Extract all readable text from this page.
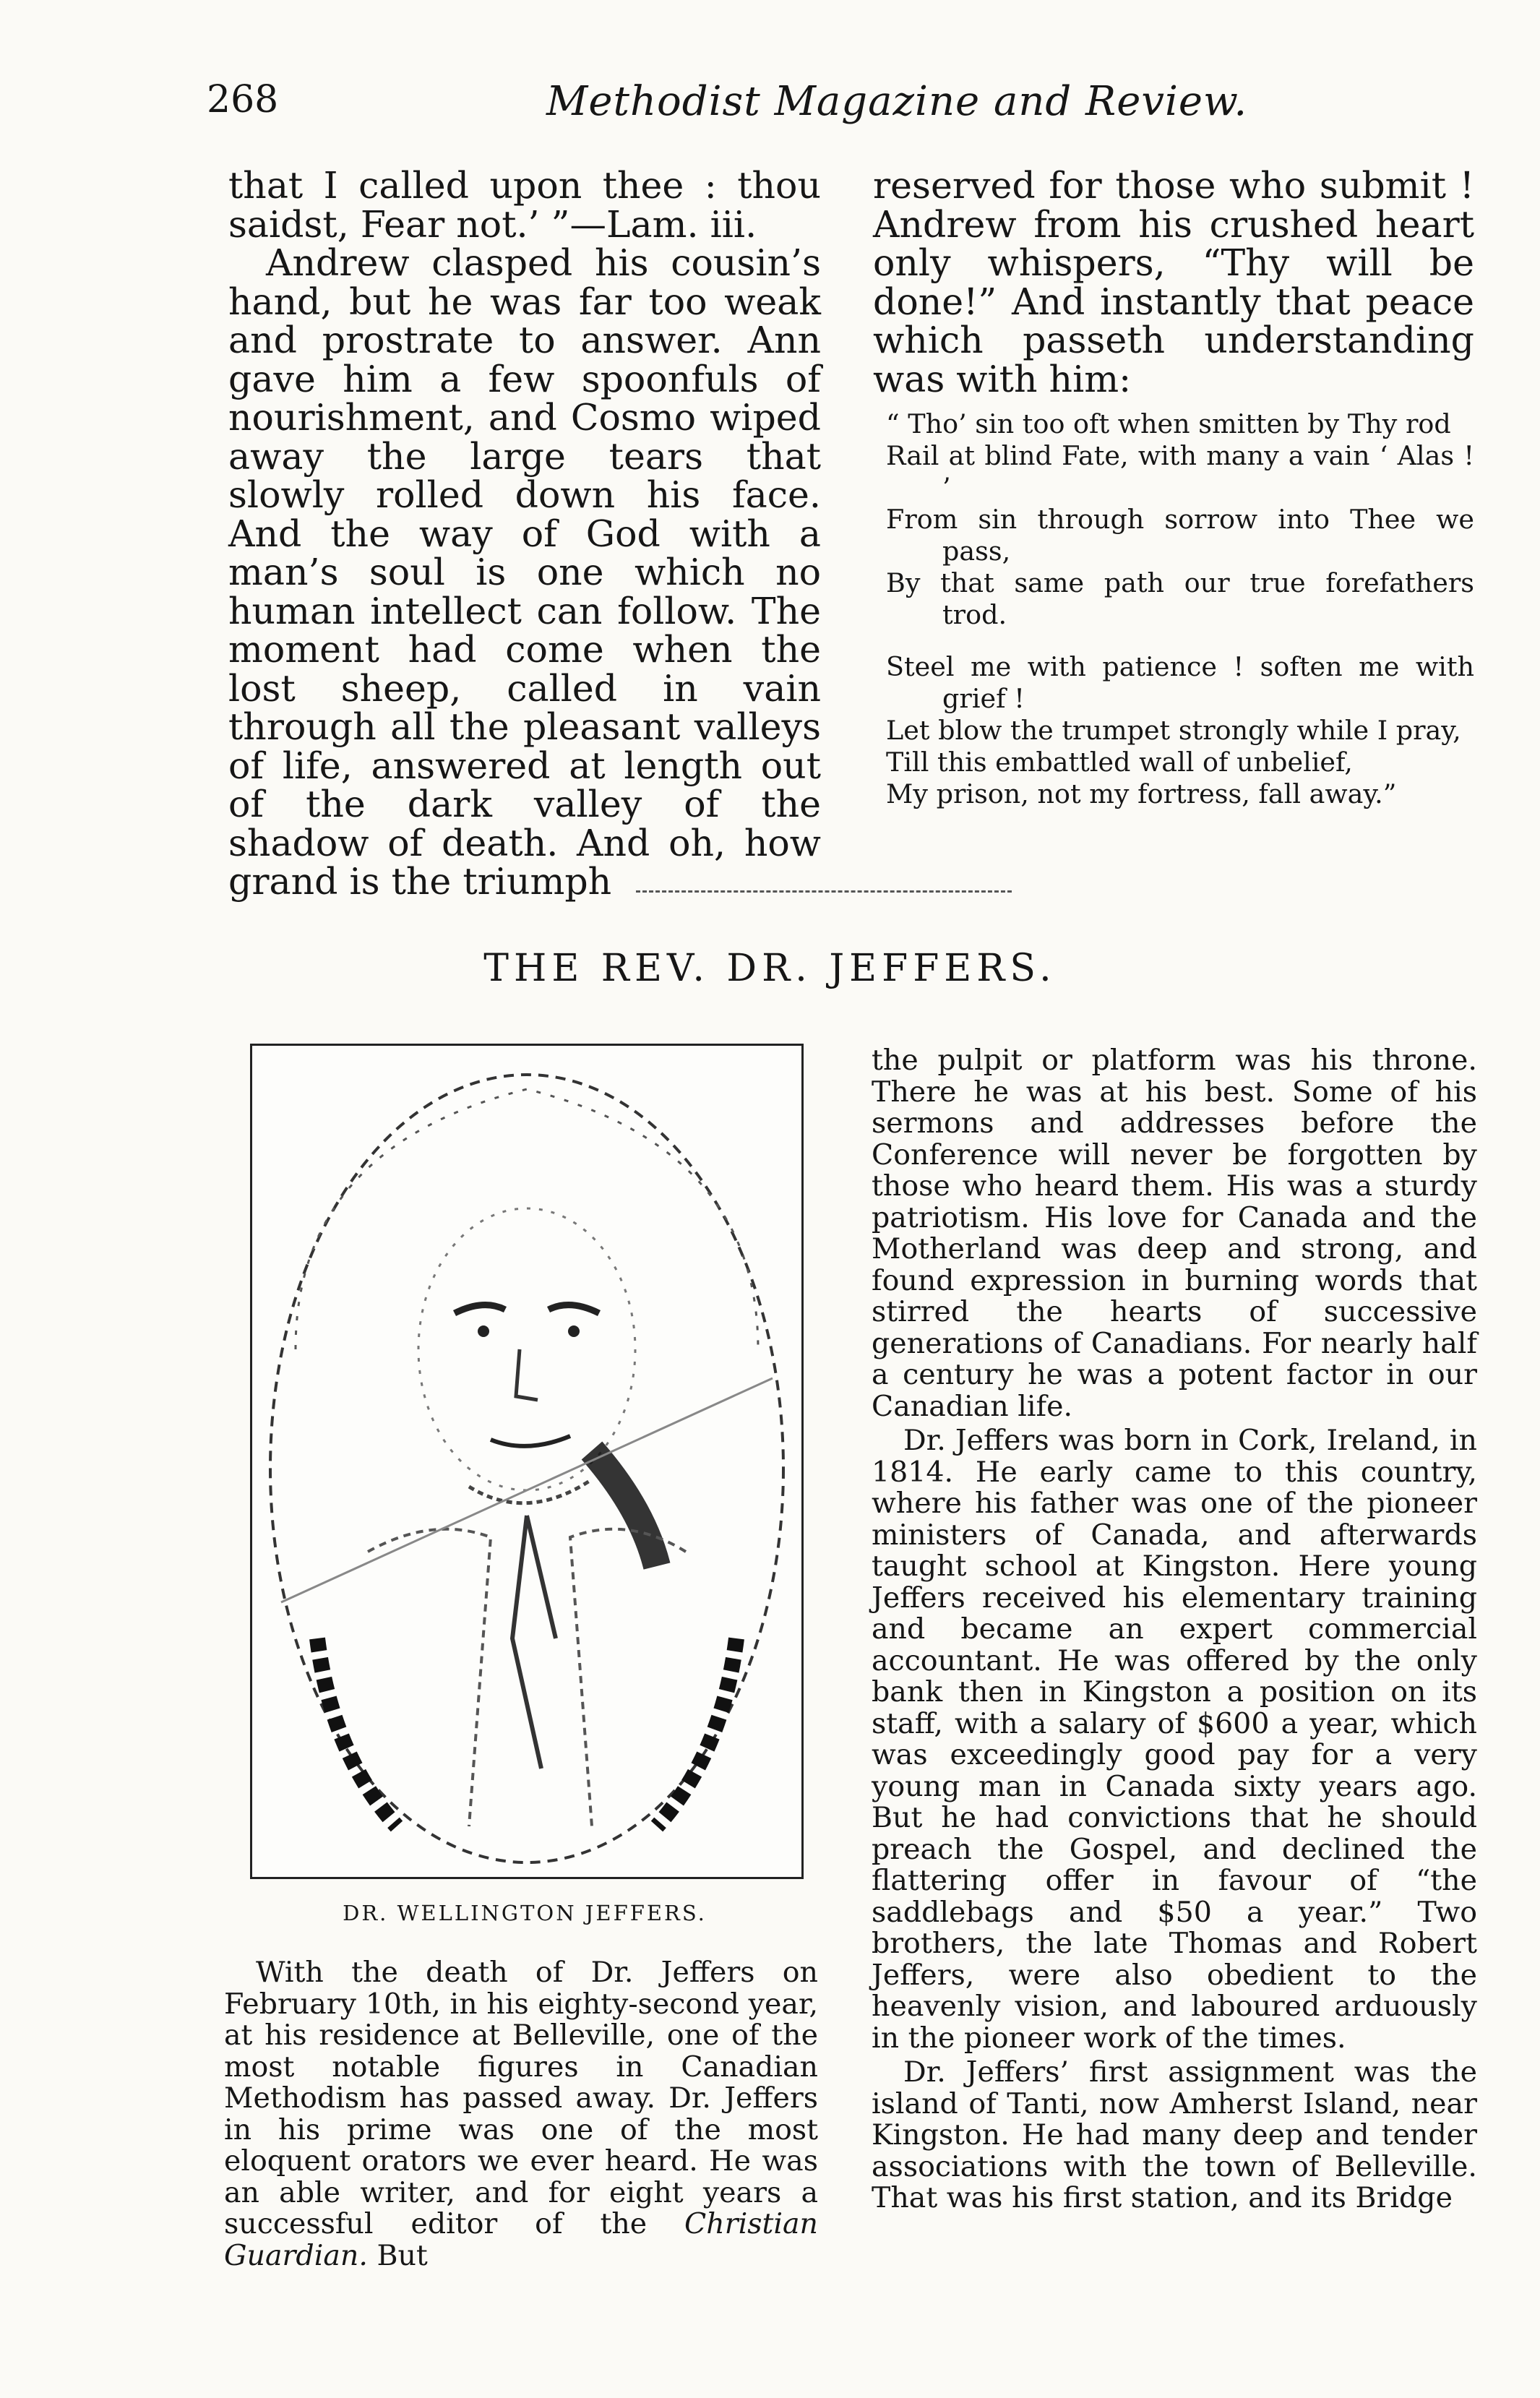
268	Methodist Magazine and Review.

that I called upon thee : thou saidst, Fear not.’ ”—Lam. iii.

Andrew clasped his cousin’s hand, but he was far too weak and prostrate to answer. Ann gave him a few spoonfuls of nourishment, and Cosmo wiped away the large tears that slowly rolled down his face. And the way of God with a man’s soul is one which no human intellect can follow. The moment had come when the lost sheep, called in vain through all the pleasant valleys of life, answered at length out of the dark valley of the shadow of death. And oh, how grand is the triumph

reserved for those who submit ! Andrew from his crushed heart only whispers, “Thy will be done!” And instantly that peace which passeth understanding was with him:

“ Tho’ sin too oft when smitten by Thy rod

Rail at blind Fate, with many a vain ‘ Alas ! ’

From sin through sorrow into Thee we pass,

By that same path our true forefathers trod.

Steel me with patience ! soften me with grief !

Let blow the trumpet strongly while I pray,

Till this embattled wall of unbelief,

My prison, not my fortress, fall away.”

THE REV. DR. JEFFERS.
DR. WELLINGTON JEFFERS.

With the death of Dr. Jeffers on February 10th, in his eighty-second year, at his residence at Belleville, one of the most notable figures in Canadian Methodism has passed away. Dr. Jeffers in his prime was one of the most eloquent orators we ever heard. He was an able writer, and for eight years a successful editor of the Christian Guardian. But

the pulpit or platform was his throne. There he was at his best. Some of his sermons and addresses before the Conference will never be forgotten by those who heard them. His was a sturdy patriotism. His love for Canada and the Motherland was deep and strong, and found expression in burning words that stirred the hearts of successive generations of Canadians. For nearly half a century he was a potent factor in our Canadian life.

Dr. Jeffers was born in Cork, Ireland, in 1814. He early came to this country, where his father was one of the pioneer ministers of Canada, and afterwards taught school at Kingston. Here young Jeffers received his elementary training and became an expert commercial accountant. He was offered by the only bank then in Kingston a position on its staff, with a salary of $600 a year, which was exceedingly good pay for a very young man in Canada sixty years ago. But he had convictions that he should preach the Gospel, and declined the flattering offer in favour of “the saddlebags and $50 a year.” Two brothers, the late Thomas and Robert Jeffers, were also obedient to the heavenly vision, and laboured arduously in the pioneer work of the times.

Dr. Jeffers’ first assignment was the island of Tanti, now Amherst Island, near Kingston. He had many deep and tender associations with the town of Belleville. That was his first station, and its Bridge
